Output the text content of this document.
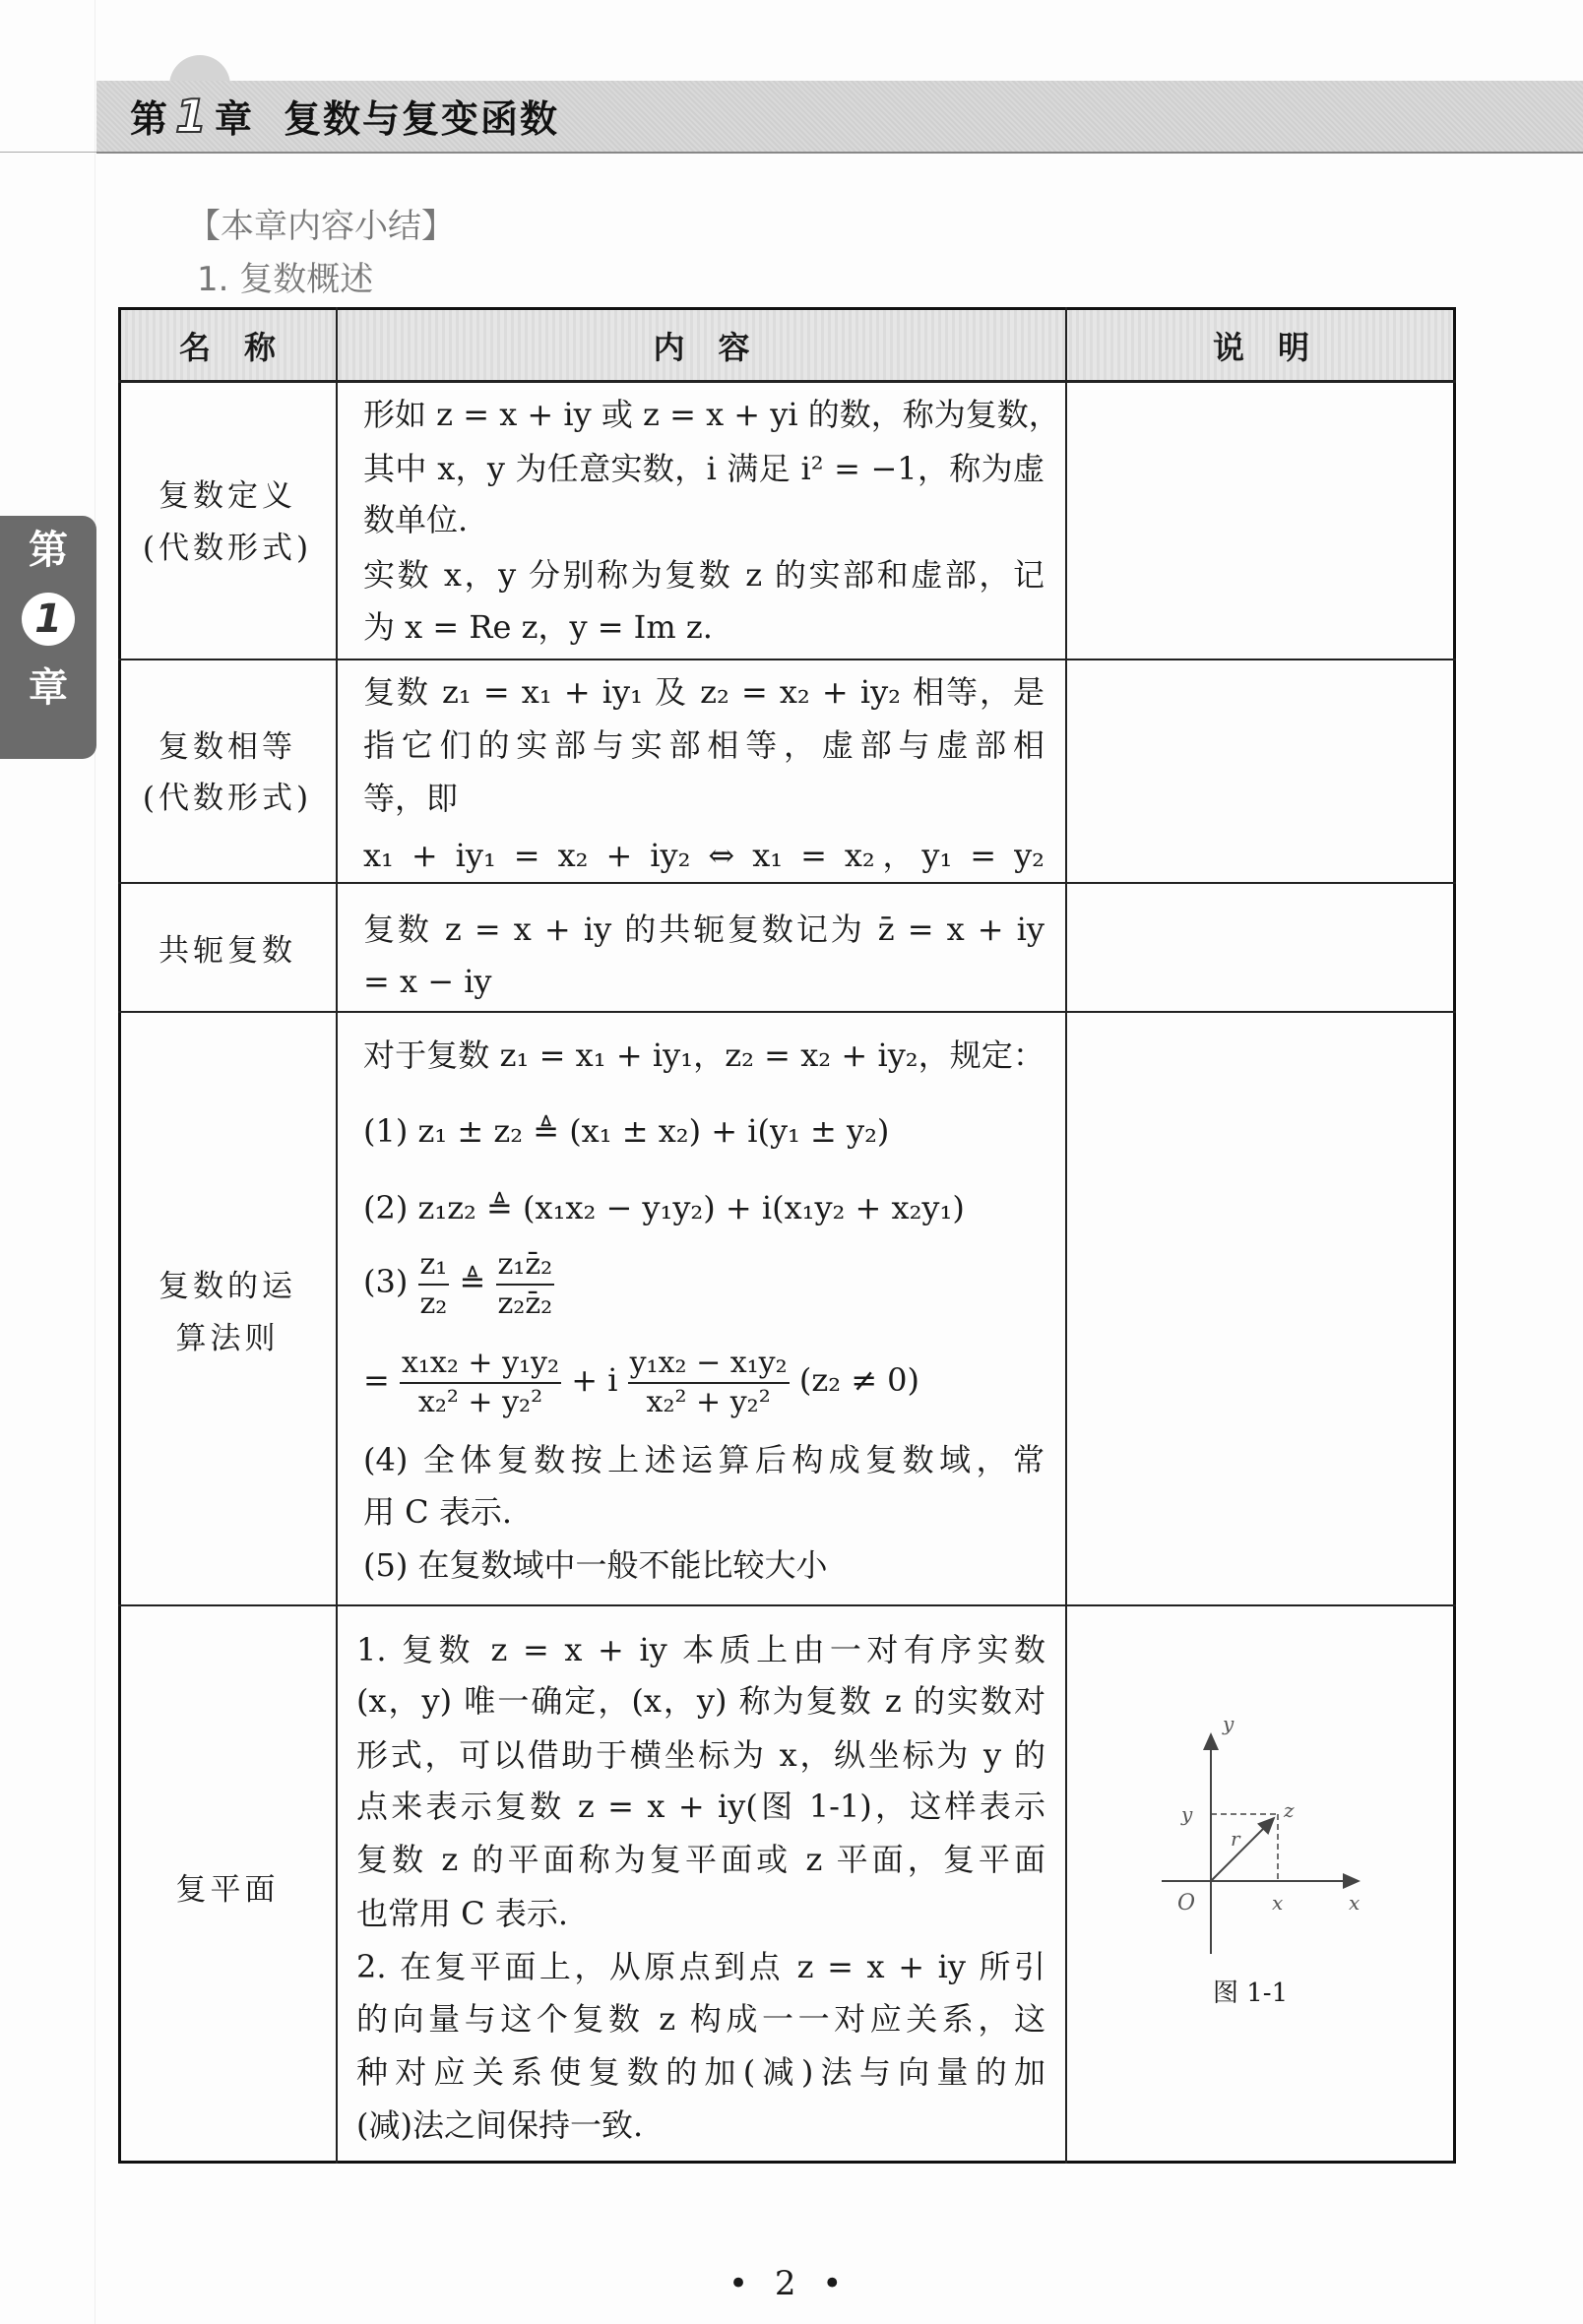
第 1 章 复数与复变函数
第
1
章
【本章内容小结】
1. 复数概述
名称	内容	说明
复数定义
(代数形式)
形如 z = x + iy 或 z = x + yi 的数，称为复数，
其中 x，y 为任意实数，i 满足 i² = −1，称为虚
数单位.
实数 x，y 分别称为复数 z 的实部和虚部，记
为 x = Re z，y = Im z.
复数相等
(代数形式)
复数 z₁ = x₁ + iy₁ 及 z₂ = x₂ + iy₂ 相等，是
指它们的实部与实部相等，虚部与虚部相
等，即
x₁ + iy₁ = x₂ + iy₂ ⇔ x₁ = x₂，y₁ = y₂
共轭复数
复数 z = x + iy 的共轭复数记为 z̄ = x + iy
= x − iy
复数的运
算法则
对于复数 z₁ = x₁ + iy₁，z₂ = x₂ + iy₂，规定：
(1) z₁ ± z₂ ≜ (x₁ ± x₂) + i(y₁ ± y₂)
(2) z₁z₂ ≜ (x₁x₂ − y₁y₂) + i(x₁y₂ + x₂y₁)
$(3) \frac{\text{z₁}}{\text{z₂}}$ ≜ $\frac{\text{z₁z̄₂}}{\text{z₂z̄₂}}$
= $\frac{\text{x₁x₂ + y₁y₂}}{\text{x₂² + y₂²}} + i \frac{\text{y₁x₂ − x₁y₂}}{\text{x₂² + y₂²}} (z_2 \ne 0)$
(4) 全体复数按上述运算后构成复数域，常
用 C 表示.
(5) 在复数域中一般不能比较大小
复平面
1. 复数 z = x + iy 本质上由一对有序实数
(x，y) 唯一确定，(x，y) 称为复数 z 的实数对
形式，可以借助于横坐标为 x，纵坐标为 y 的
点来表示复数 z = x + iy(图 1-1)，这样表示
复数 z 的平面称为复平面或 z 平面，复平面
也常用 C 表示.
2. 在复平面上，从原点到点 z = x + iy 所引
的向量与这个复数 z 构成一一对应关系，这
种对应关系使复数的加(减)法与向量的加
(减)法之间保持一致.
y
x
O
y
x
z
r
图 1-1
• 2 •
